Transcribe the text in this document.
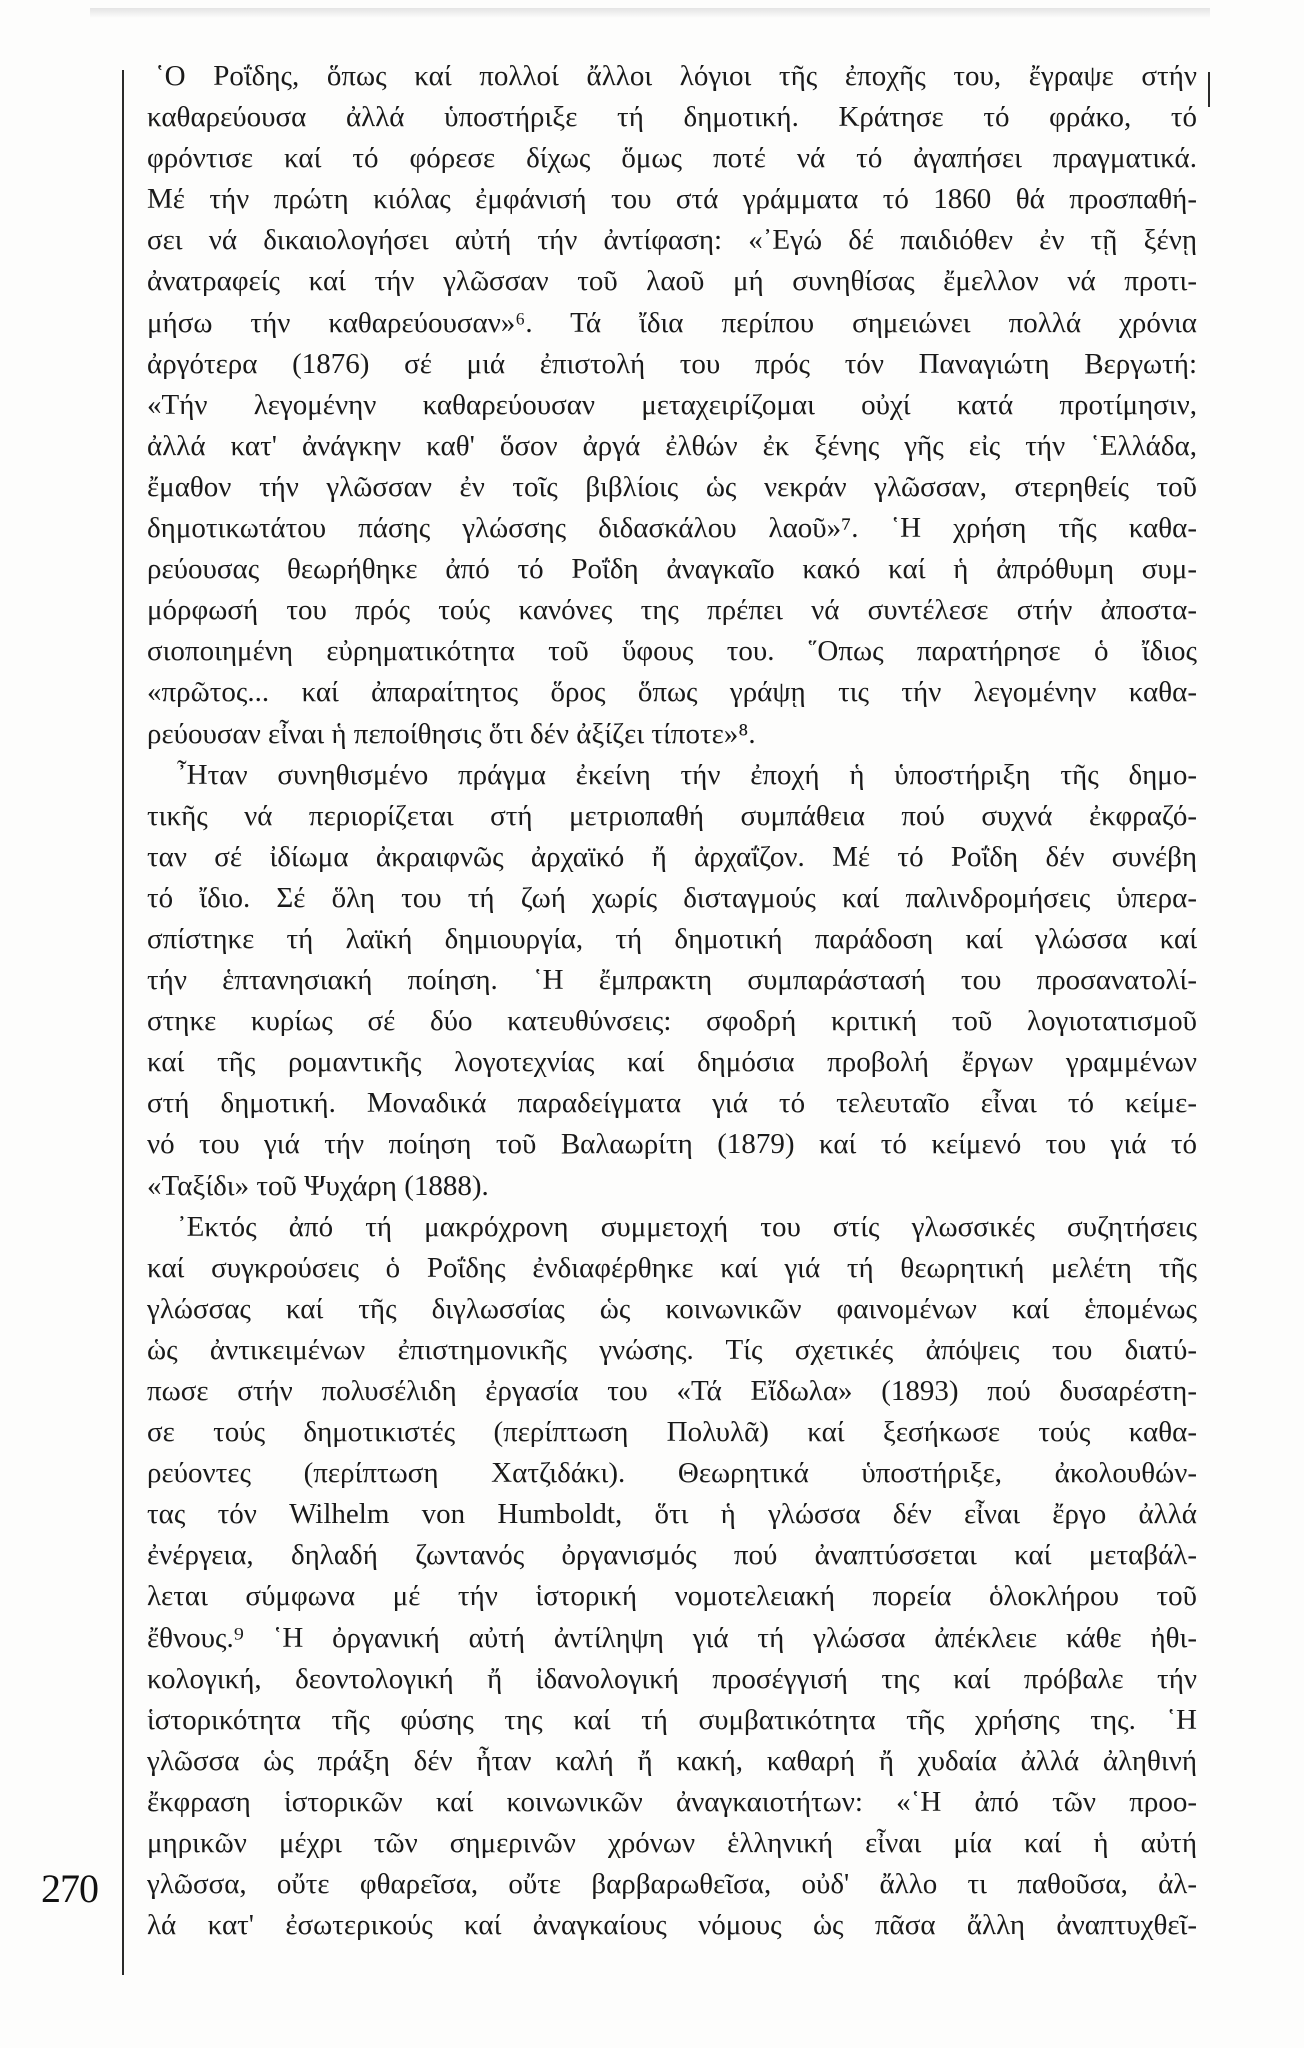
270
῾Ο Ροΐδης, ὅπως καί πολλοί ἄλλοι λόγιοι τῆς ἐποχῆς του, ἔγραψε στήν
καθαρεύουσα ἀλλά ὑποστήριξε τή δημοτική. Κράτησε τό φράκο, τό
φρόντισε καί τό φόρεσε δίχως ὅμως ποτέ νά τό ἀγαπήσει πραγματικά.
Μέ τήν πρώτη κιόλας ἐμφάνισή του στά γράμματα τό 1860 θά προσπαθή-
σει νά δικαιολογήσει αὐτή τήν ἀντίφαση: «᾿Εγώ δέ παιδιόθεν ἐν τῇ ξένῃ
ἀνατραφείς καί τήν γλῶσσαν τοῦ λαοῦ μή συνηθίσας ἔμελλον νά προτι-
μήσω τήν καθαρεύουσαν»⁶. Τά ἴδια περίπου σημειώνει πολλά χρόνια
ἀργότερα (1876) σέ μιά ἐπιστολή του πρός τόν Παναγιώτη Βεργωτή:
«Τήν λεγομένην καθαρεύουσαν μεταχειρίζομαι οὐχί κατά προτίμησιν,
ἀλλά κατ' ἀνάγκην καθ' ὅσον ἀργά ἐλθών ἐκ ξένης γῆς εἰς τήν ῾Ελλάδα,
ἔμαθον τήν γλῶσσαν ἐν τοῖς βιβλίοις ὡς νεκράν γλῶσσαν, στερηθείς τοῦ
δημοτικωτάτου πάσης γλώσσης διδασκάλου λαοῦ»⁷. ῾Η χρήση τῆς καθα-
ρεύουσας θεωρήθηκε ἀπό τό Ροΐδη ἀναγκαῖο κακό καί ἡ ἀπρόθυμη συμ-
μόρφωσή του πρός τούς κανόνες της πρέπει νά συντέλεσε στήν ἀποστα-
σιοποιημένη εὐρηματικότητα τοῦ ὕφους του. ῞Οπως παρατήρησε ὁ ἴδιος
«πρῶτος... καί ἀπαραίτητος ὅρος ὅπως γράψῃ τις τήν λεγομένην καθα-
ρεύουσαν εἶναι ἡ πεποίθησις ὅτι δέν ἀξίζει τίποτε»⁸.
῏Ηταν συνηθισμένο πράγμα ἐκείνη τήν ἐποχή ἡ ὑποστήριξη τῆς δημο-
τικῆς νά περιορίζεται στή μετριοπαθή συμπάθεια πού συχνά ἐκφραζό-
ταν σέ ἰδίωμα ἀκραιφνῶς ἀρχαϊκό ἤ ἀρχαΐζον. Μέ τό Ροΐδη δέν συνέβη
τό ἴδιο. Σέ ὅλη του τή ζωή χωρίς δισταγμούς καί παλινδρομήσεις ὑπερα-
σπίστηκε τή λαϊκή δημιουργία, τή δημοτική παράδοση καί γλώσσα καί
τήν ἑπτανησιακή ποίηση. ῾Η ἔμπρακτη συμπαράστασή του προσανατολί-
στηκε κυρίως σέ δύο κατευθύνσεις: σφοδρή κριτική τοῦ λογιοτατισμοῦ
καί τῆς ρομαντικῆς λογοτεχνίας καί δημόσια προβολή ἔργων γραμμένων
στή δημοτική. Μοναδικά παραδείγματα γιά τό τελευταῖο εἶναι τό κείμε-
νό του γιά τήν ποίηση τοῦ Βαλαωρίτη (1879) καί τό κείμενό του γιά τό
«Ταξίδι» τοῦ Ψυχάρη (1888).
᾿Εκτός ἀπό τή μακρόχρονη συμμετοχή του στίς γλωσσικές συζητήσεις
καί συγκρούσεις ὁ Ροΐδης ἐνδιαφέρθηκε καί γιά τή θεωρητική μελέτη τῆς
γλώσσας καί τῆς διγλωσσίας ὡς κοινωνικῶν φαινομένων καί ἑπομένως
ὡς ἀντικειμένων ἐπιστημονικῆς γνώσης. Τίς σχετικές ἀπόψεις του διατύ-
πωσε στήν πολυσέλιδη ἐργασία του «Τά Εἴδωλα» (1893) πού δυσαρέστη-
σε τούς δημοτικιστές (περίπτωση Πολυλᾶ) καί ξεσήκωσε τούς καθα-
ρεύοντες (περίπτωση Χατζιδάκι). Θεωρητικά ὑποστήριξε, ἀκολουθών-
τας τόν Wilhelm von Humboldt, ὅτι ἡ γλώσσα δέν εἶναι ἔργο ἀλλά
ἐνέργεια, δηλαδή ζωντανός ὀργανισμός πού ἀναπτύσσεται καί μεταβάλ-
λεται σύμφωνα μέ τήν ἱστορική νομοτελειακή πορεία ὁλοκλήρου τοῦ
ἔθνους.⁹ ῾Η ὀργανική αὐτή ἀντίληψη γιά τή γλώσσα ἀπέκλειε κάθε ἠθι-
κολογική, δεοντολογική ἤ ἰδανολογική προσέγγισή της καί πρόβαλε τήν
ἱστορικότητα τῆς φύσης της καί τή συμβατικότητα τῆς χρήσης της. ῾Η
γλῶσσα ὡς πράξη δέν ἦταν καλή ἤ κακή, καθαρή ἤ χυδαία ἀλλά ἀληθινή
ἔκφραση ἱστορικῶν καί κοινωνικῶν ἀναγκαιοτήτων: «῾Η ἀπό τῶν προο-
μηρικῶν μέχρι τῶν σημερινῶν χρόνων ἑλληνική εἶναι μία καί ἡ αὐτή
γλῶσσα, οὔτε φθαρεῖσα, οὔτε βαρβαρωθεῖσα, οὐδ' ἄλλο τι παθοῦσα, ἀλ-
λά κατ' ἐσωτερικούς καί ἀναγκαίους νόμους ὡς πᾶσα ἄλλη ἀναπτυχθεῖ-
